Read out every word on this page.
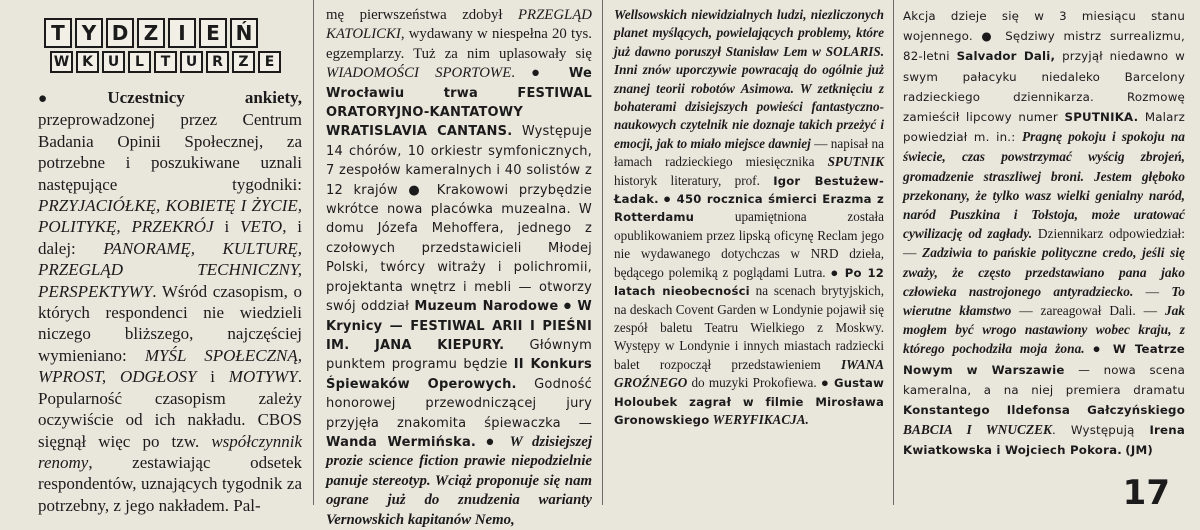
T Y D Z	I	E Ń
W K	U	L	T	U	R	Z	E

●	Uczestnicy ankiety, przeprowadzonej przez Centrum Badania Opinii Społecznej, za potrzebne i poszukiwane uznali następujące tygodniki: PRZYJACIÓŁKĘ, KOBIETĘ I ŻYCIE, POLITYKĘ, PRZEKRÓJ i VETO, i dalej: PANORAMĘ, KULTURĘ, PRZEGLĄD TECHNICZNY, PERSPEKTYWY. Wśród czasopism, o których respondenci nie wiedzieli niczego bliższego, najczęściej wymieniano: MYŚL SPOŁECZNĄ, WPROST, ODGŁOSY i MOTYWY. Popularność czasopism zależy oczywiście od ich nakładu. CBOS sięgnął więc po tzw. współczynnik renomy, zestawiając odsetek respondentów, uznających tygodnik za potrzebny, z jego nakładem. Pal-

mę pierwszeństwa zdobył PRZEGLĄD KATOLICKI, wydawany w niespełna 20 tys. egzemplarzy. Tuż za nim uplasowały się WIADOMOŚCI SPORTOWE. ● We Wrocławiu trwa FESTIWAL ORATORYJNO-KANTATOWY WRATISLAVIA CANTANS. Występuje 14 chórów, 10 orkiestr symfonicznych, 7 zespołów kameralnych i 40 solistów z 12 krajów ● Krakowowi przybędzie wkrótce nowa placówka muzealna. W domu Józefa Mehoffera, jednego z czołowych przedstawicieli Młodej Polski, twórcy witraży i polichromii, projektanta wnętrz i mebli — otworzy swój oddział Muzeum Narodowe ● W Krynicy — FESTIWAL ARII I PIEŚNI IM. JANA KIEPURY. Głównym punktem programu będzie II Konkurs Śpiewaków Operowych. Godność honorowej przewodniczącej jury przyjęła znakomita śpiewaczka — Wanda Wermińska. ● W dzisiejszej prozie science fiction prawie niepodzielnie panuje stereotyp. Wciąż proponuje się nam ograne już do znudzenia warianty Vernowskich kapitanów Nemo,

Wellsowskich niewidzialnych ludzi, niezliczonych planet myślących, powielających problemy, które już dawno poruszył Stanisław Lem w SOLARIS. Inni znów uporczywie powracają do ogólnie już znanej teorii robotów Asimowa. W zetknięciu z bohaterami dzisiejszych powieści fantastyczno-naukowych czytelnik nie doznaje takich przeżyć i emocji, jak to miało miejsce dawniej — napisał na łamach radzieckiego miesięcznika SPUTNIK historyk literatury, prof. Igor Bestużew-Ładak. ● 450 rocznica śmierci Erazma z Rotterdamu upamiętniona została opublikowaniem przez lipską oficynę Reclam jego nie wydawanego dotychczas w NRD dzieła, będącego polemiką z poglądami Lutra. ● Po 12 latach nieobecności na scenach brytyjskich, na deskach Covent Garden w Londynie pojawił się zespół baletu Teatru Wielkiego z Moskwy. Występy w Londynie i innych miastach radziecki balet rozpoczął przedstawieniem IWANA GROŹNEGO do muzyki Prokofiewa. ● Gustaw Holoubek zagrał w filmie Mirosława Gronowskiego WERYFIKACJA.

Akcja dzieje się w 3 miesiącu stanu wojennego. ● Sędziwy mistrz surrealizmu, 82-letni Salvador Dali, przyjął niedawno w swym pałacyku niedaleko Barcelony radzieckiego dziennikarza. Rozmowę zamieścił lipcowy numer SPUTNIKA. Malarz powiedział m. in.: Pragnę pokoju i spokoju na świecie, czas powstrzymać wyścig zbrojeń, gromadzenie straszliwej broni. Jestem głęboko przekonany, że tylko wasz wielki genialny naród, naród Puszkina i Tołstoja, może uratować cywilizację od zagłady. Dziennikarz odpowiedział: — Zadziwia to pańskie polityczne credo, jeśli się zważy, że często przedstawiano pana jako człowieka nastrojonego antyradziecko. — To wierutne kłamstwo — zareagował Dali. — Jak mogłem być wrogo nastawiony wobec kraju, z którego pochodziła moja żona. ● W Teatrze Nowym w Warszawie — nowa scena kameralna, a na niej premiera dramatu Konstantego Ildefonsa Gałczyńskiego BABCIA I WNUCZEK. Występują Irena Kwiatkowska i Wojciech Pokora. (JM)

17
